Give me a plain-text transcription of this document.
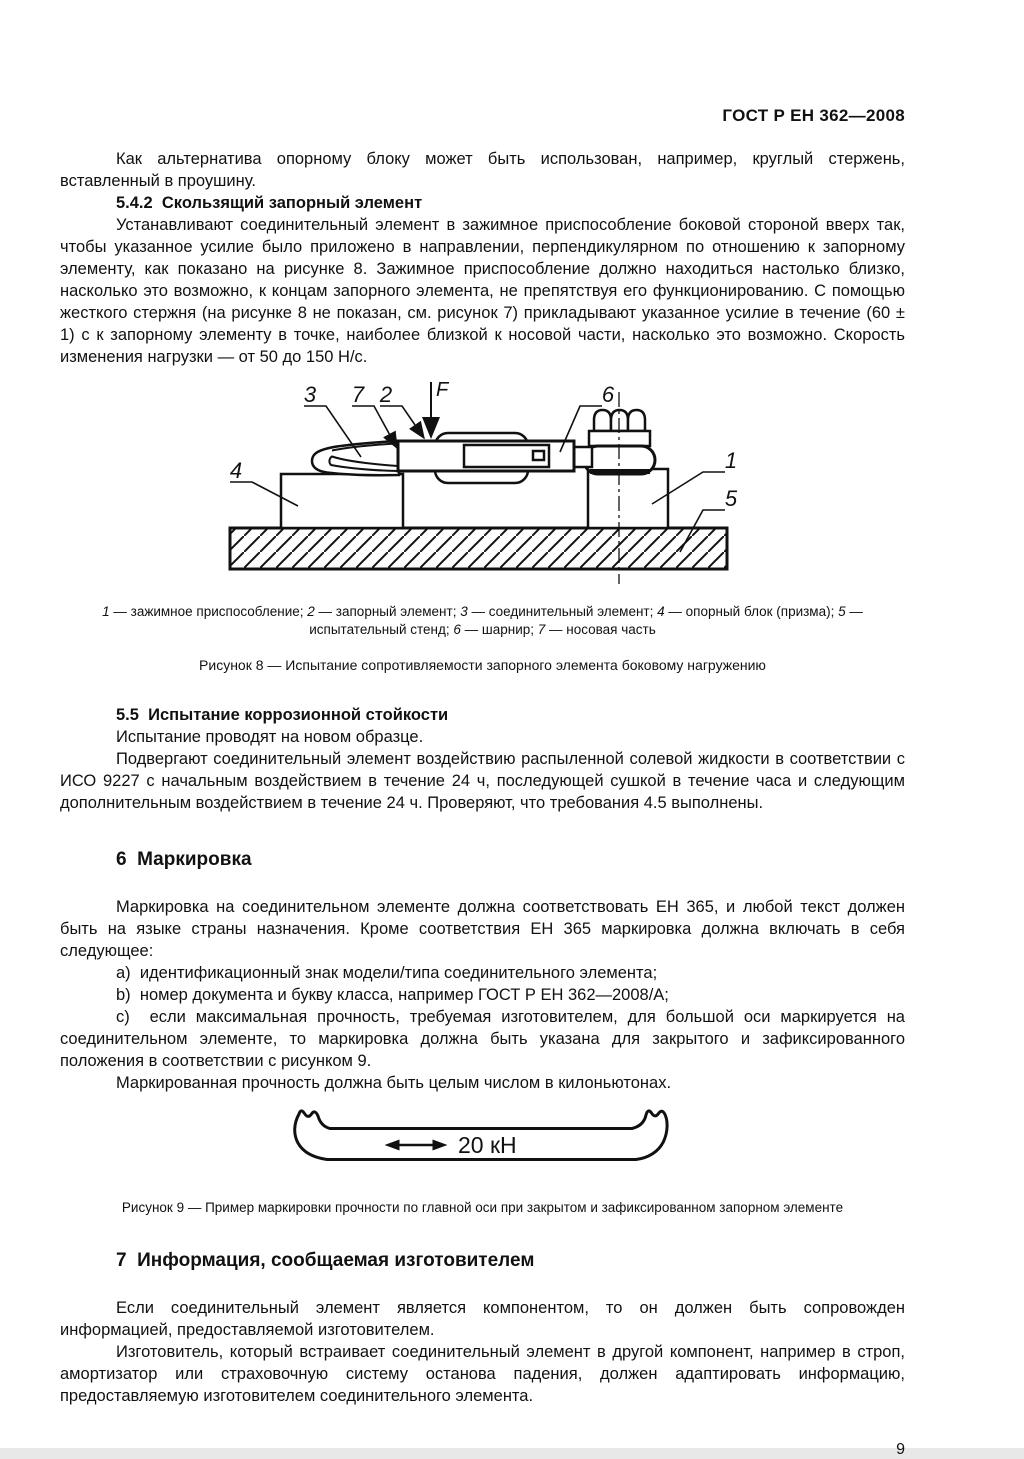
ГОСТ Р ЕН 362—2008

Как альтернатива опорному блоку может быть использован, например, круглый стержень, вставленный в проушину.

5.4.2  Скользящий запорный элемент

Устанавливают соединительный элемент в зажимное приспособление боковой стороной вверх так, чтобы указанное усилие было приложено в направлении, перпендикулярном по отношению к запорному элементу, как показано на рисунке 8. Зажимное приспособление должно находиться настолько близко, насколько это возможно, к концам запорного элемента, не препятствуя его функционированию. С помощью жесткого стержня (на рисунке 8 не показан, см. рисунок 7) прикладывают указанное усилие в течение (60 ± 1) с к запорному элементу в точке, наиболее близкой к носовой части, насколько это возможно. Скорость изменения нагрузки — от 50 до 150 Н/с.

3 7 2 F	6
1
5
4
1 — зажимное приспособление; 2 — запорный элемент; 3 — соединительный элемент; 4 — опорный блок (призма); 5 — испытательный стенд; 6 — шарнир; 7 — носовая часть

Рисунок 8 — Испытание сопротивляемости запорного элемента боковому нагружению

5.5  Испытание коррозионной стойкости

Испытание проводят на новом образце.

Подвергают соединительный элемент воздействию распыленной солевой жидкости в соответствии с ИСО 9227 с начальным воздействием в течение 24 ч, последующей сушкой в течение часа и следующим дополнительным воздействием в течение 24 ч. Проверяют, что требования 4.5 выполнены.

6  Маркировка

Маркировка на соединительном элементе должна соответствовать ЕН 365, и любой текст должен быть на языке страны назначения. Кроме соответствия ЕН 365 маркировка должна включать в себя следующее:

a)  идентификационный знак модели/типа соединительного элемента;

b)  номер документа и букву класса, например ГОСТ Р ЕН 362—2008/А;

c)  если максимальная прочность, требуемая изготовителем, для большой оси маркируется на соединительном элементе, то маркировка должна быть указана для закрытого и зафиксированного положения в соответствии с рисунком 9.

Маркированная прочность должна быть целым числом в килоньютонах.

20 кН

Рисунок 9 — Пример маркировки прочности по главной оси при закрытом и зафиксированном запорном элементе

7  Информация, сообщаемая изготовителем

Если соединительный элемент является компонентом, то он должен быть сопровожден информацией, предоставляемой изготовителем.

Изготовитель, который встраивает соединительный элемент в другой компонент, например в строп, амортизатор или страховочную систему останова падения, должен адаптировать информацию, предоставляемую изготовителем соединительного элемента.

9
